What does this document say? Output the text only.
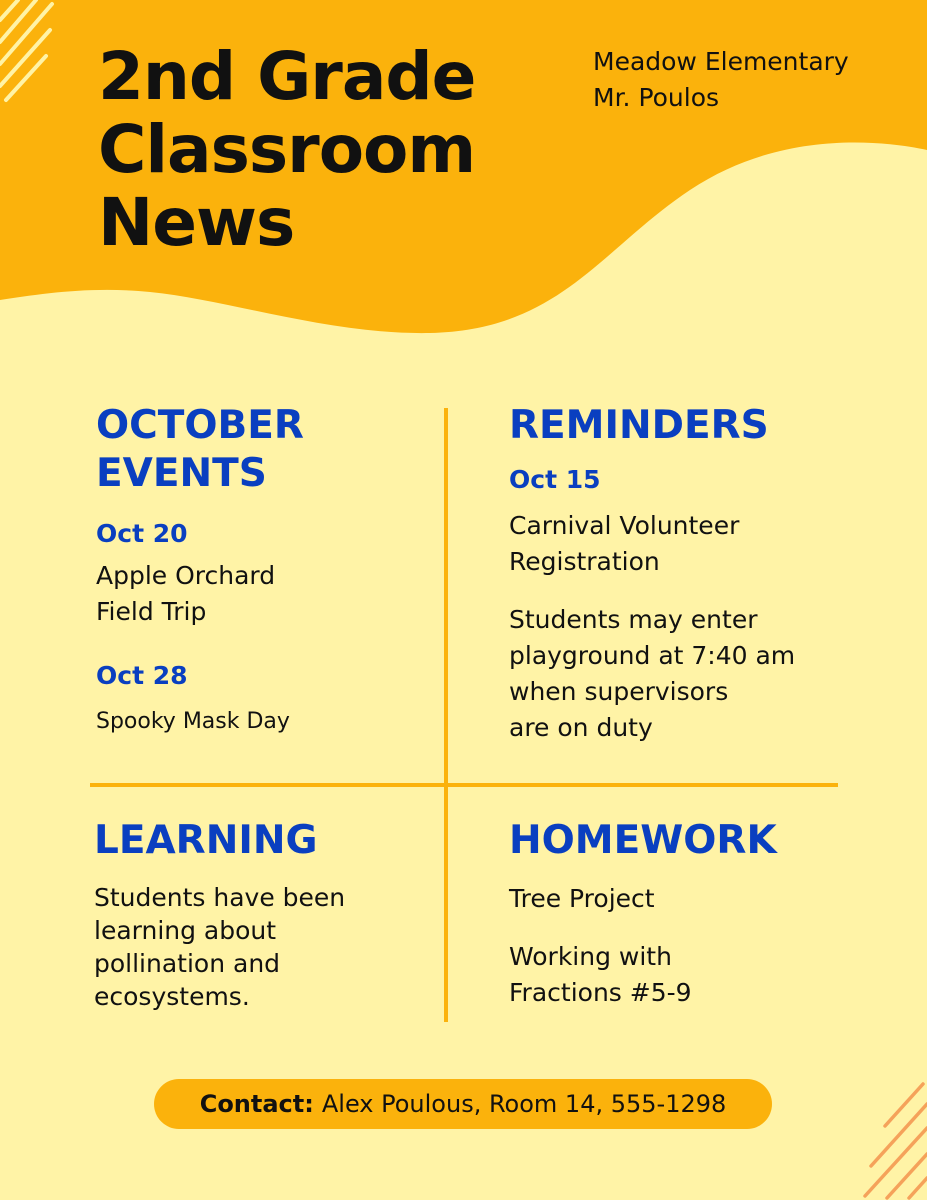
2nd Grade
Classroom
News
Meadow Elementary
Mr. Poulos
OCTOBER
EVENTS
Oct 20
Apple Orchard
Field Trip
Oct 28
Spooky Mask Day
REMINDERS
Oct 15
Carnival Volunteer
Registration
Students may enter
playground at 7:40 am
when supervisors
are on duty
LEARNING
Students have been
learning about
pollination and
ecosystems.
HOMEWORK
Tree Project
Working with
Fractions #5-9
Contact: Alex Poulous, Room 14, 555-1298
